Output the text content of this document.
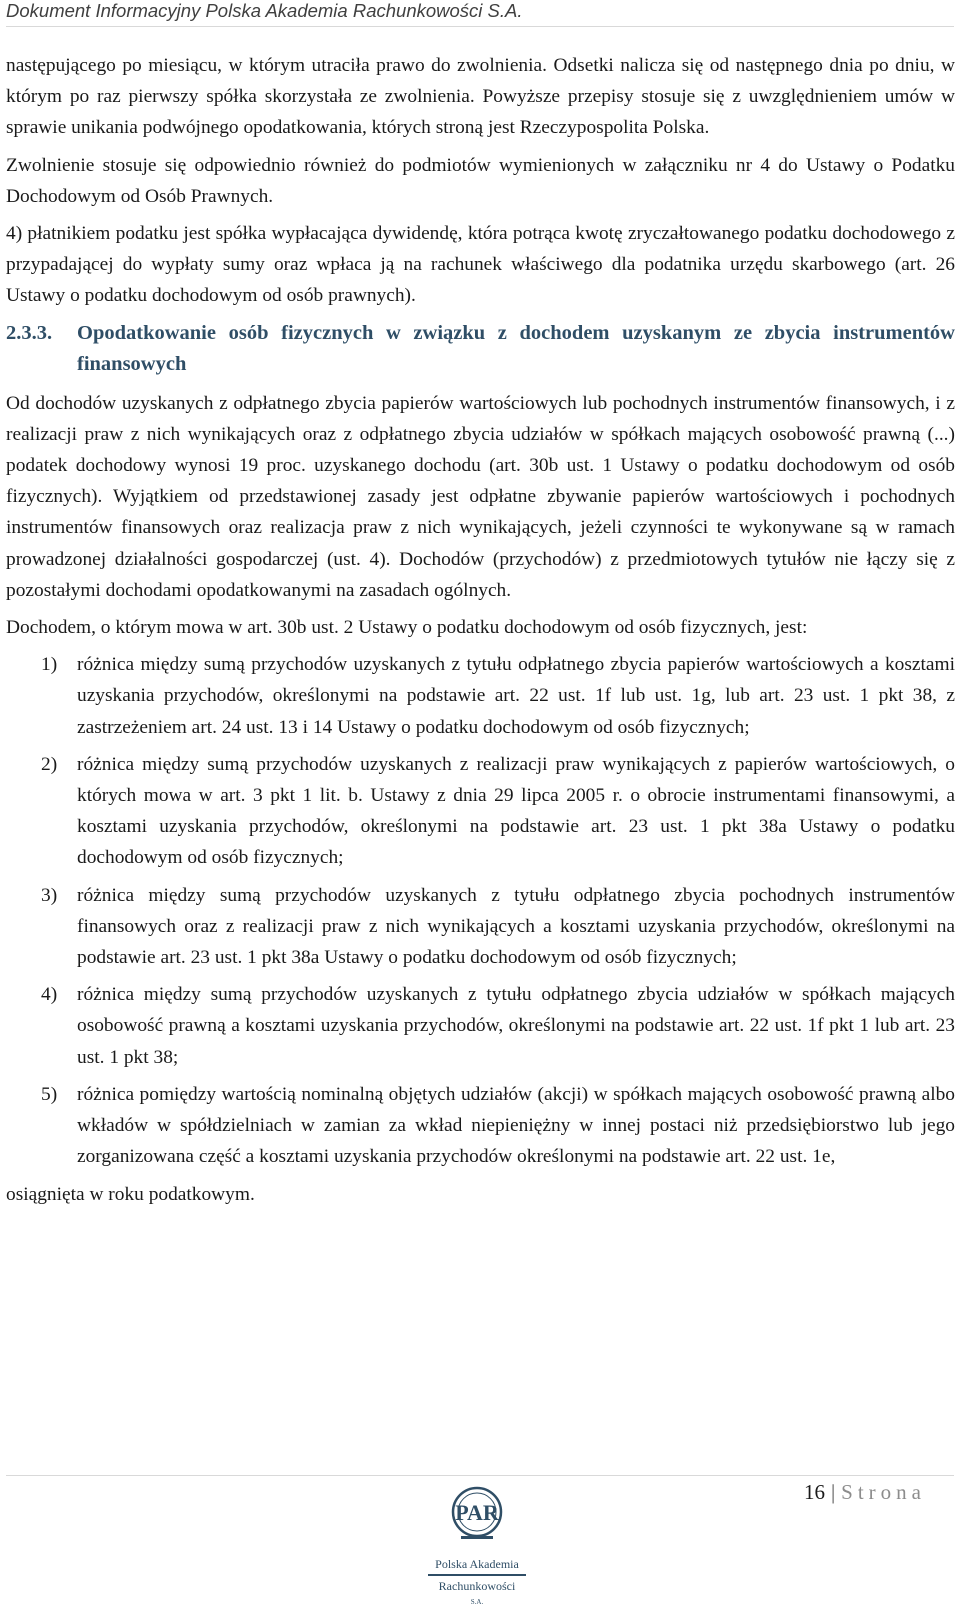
Dokument Informacyjny Polska Akademia Rachunkowości S.A.

następującego po miesiącu, w którym utraciła prawo do zwolnienia. Odsetki nalicza się od następnego dnia po dniu, w którym po raz pierwszy spółka skorzystała ze zwolnienia. Powyższe przepisy stosuje się z uwzględnieniem umów w sprawie unikania podwójnego opodatkowania, których stroną jest Rzeczypospolita Polska.

Zwolnienie stosuje się odpowiednio również do podmiotów wymienionych w załączniku nr 4 do Ustawy o Podatku Dochodowym od Osób Prawnych.

4) płatnikiem podatku jest spółka wypłacająca dywidendę, która potrąca kwotę zryczałtowanego podatku dochodowego z przypadającej do wypłaty sumy oraz wpłaca ją na rachunek właściwego dla podatnika urzędu skarbowego (art. 26 Ustawy o podatku dochodowym od osób prawnych).

2.3.3.	Opodatkowanie osób fizycznych w związku z dochodem uzyskanym ze zbycia instrumentów finansowych

Od dochodów uzyskanych z odpłatnego zbycia papierów wartościowych lub pochodnych instrumentów finansowych, i z realizacji praw z nich wynikających oraz z odpłatnego zbycia udziałów w spółkach mających osobowość prawną (...) podatek dochodowy wynosi 19 proc. uzyskanego dochodu (art. 30b ust. 1 Ustawy o podatku dochodowym od osób fizycznych). Wyjątkiem od przedstawionej zasady jest odpłatne zbywanie papierów wartościowych i pochodnych instrumentów finansowych oraz realizacja praw z nich wynikających, jeżeli czynności te wykonywane są w ramach prowadzonej działalności gospodarczej (ust. 4). Dochodów (przychodów) z przedmiotowych tytułów nie łączy się z pozostałymi dochodami opodatkowanymi na zasadach ogólnych.

Dochodem, o którym mowa w art. 30b ust. 2 Ustawy o podatku dochodowym od osób fizycznych, jest:

1)	różnica między sumą przychodów uzyskanych z tytułu odpłatnego zbycia papierów wartościowych a kosztami uzyskania przychodów, określonymi na podstawie art. 22 ust. 1f lub ust. 1g, lub art. 23 ust. 1 pkt 38, z zastrzeżeniem art. 24 ust. 13 i 14 Ustawy o podatku dochodowym od osób fizycznych;
2)	różnica między sumą przychodów uzyskanych z realizacji praw wynikających z papierów wartościowych, o których mowa w art. 3 pkt 1 lit. b. Ustawy z dnia 29 lipca 2005 r. o obrocie instrumentami finansowymi, a kosztami uzyskania przychodów, określonymi na podstawie art. 23 ust. 1 pkt 38a Ustawy o podatku dochodowym od osób fizycznych;
3)	różnica między sumą przychodów uzyskanych z tytułu odpłatnego zbycia pochodnych instrumentów finansowych oraz z realizacji praw z nich wynikających a kosztami uzyskania przychodów, określonymi na podstawie art. 23 ust. 1 pkt 38a Ustawy o podatku dochodowym od osób fizycznych;
4)	różnica między sumą przychodów uzyskanych z tytułu odpłatnego zbycia udziałów w spółkach mających osobowość prawną a kosztami uzyskania przychodów, określonymi na podstawie art. 22 ust. 1f pkt 1 lub art. 23 ust. 1 pkt 38;
5)	różnica pomiędzy wartością nominalną objętych udziałów (akcji) w spółkach mających osobowość prawną albo wkładów w spółdzielniach w zamian za wkład niepieniężny w innej postaci niż przedsiębiorstwo lub jego zorganizowana część a kosztami uzyskania przychodów określonymi na podstawie art. 22 ust. 1e,

osiągnięta w roku podatkowym.

16 | Strona
PAR
Polska Akademia
Rachunkowości
S.A.
